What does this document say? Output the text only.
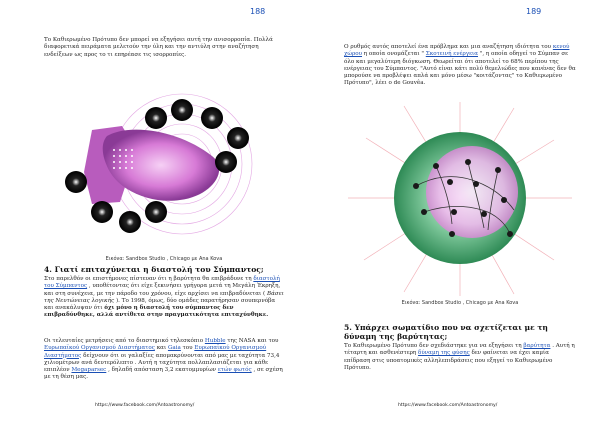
188
Το Καθιερωμένο Πρότυπο δεν μπορεί να εξηγήσει αυτή την ανισορροπία. Πολλά διαφορετικά πειράματα μελετούν την ύλη και την αντιύλη στην αναζήτηση ενδείξεων ως προς το τι επηρέασε τις ισορροπίες.
Εικόνα: Sandbox Studio , Chicago με Ana Kova
4. Γιατί επιταχύνεται η διαστολή του Σύμπαντος;
Στο παρελθόν οι επιστήμονες πίστευαν ότι η βαρύτητα θα επιβράδυνε τη διαστολή του Σύμπαντος , υποθέτοντας ότι είχε ξεκινήσει γρήγορα μετά τη Μεγάλη Έκρηξη, και στη συνέχεια, με την πάροδο του χρόνου, είχε αρχίσει να επιβραδύνεται ( Βάσει της Νευτώνειας λογικής ). Το 1998, όμως, δύο ομάδες παρατήρησαν σουπερνόβα και ανακάλυψαν ότι όχι μόνο η διαστολή του σύμπαντος δεν επιβραδύνθηκε, αλλά αντίθετα στην πραγματικότητα επιταχύνθηκε.
Οι τελευταίες μετρήσεις από το διαστημικό τηλεσκόπιο Hubble της NASA και του Ευρωπαϊκού Οργανισμού Διαστήματος και Gaia του Ευρωπαϊκού Οργανισμού Διαστήματος δείχνουν ότι οι γαλαξίες απομακρύνονται από μας με ταχύτητα 73,4 χιλιομέτρων ανά δευτερόλεπτο . Αυτή η ταχύτητα πολλαπλασιάζεται για κάθε επιπλέον Megaparsec , δηλαδή απόσταση 3,2 εκατομμυρίων ετών φωτός , σε σχέση με τη θέση μας.
https://www.facebook.com/Antoastronomy/
189
Ο ρυθμός αυτός αποτελεί ένα πρόβλημα και μια αναζήτηση ιδιότητα του κενού χώρου η οποία ονομάζεται " Σκοτεινή ενέργεια ", η οποία οδηγεί το Σύμπαν σε όλο και μεγαλύτερη διόγκωση. Θεωρείται ότι αποτελεί το 68% περίπου της ενέργειας του Σύμπαντος. "Αυτό είναι κάτι πολύ θεμελιώδες που κανένας δεν θα μπορούσε να προβλέψει απλά και μόνο μέσω "κοιτάζοντας" το Καθιερωμένο Πρότυπο", λέει ο de Gouvêa.
Εικόνα: Sandbox Studio , Chicago με Ana Kova
5. Υπάρχει σωματίδιο που να σχετίζεται με τη δύναμη της βαρύτητας;
Το Καθιερωμένο Πρότυπο δεν σχεδιάστηκε για να εξηγήσει τη βαρύτητα . Αυτή η τέταρτη και ασθενέστερη δύναμη της φύσης δεν φαίνεται να έχει καμία επίδραση στις υποατομικές αλληλεπιδράσεις που εξηγεί το Καθιερωμένο Πρότυπο.
https://www.facebook.com/Antoastronomy/
